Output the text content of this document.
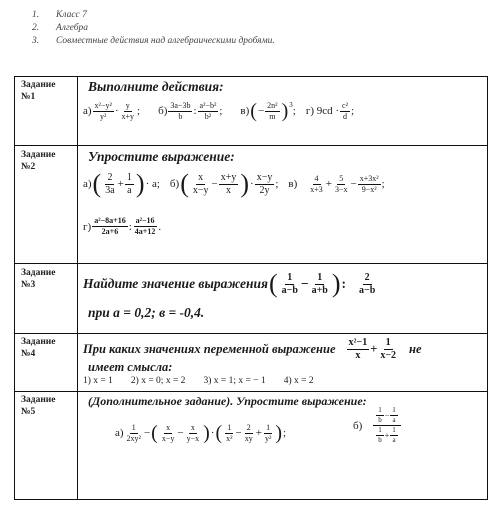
1.	Класс 7
2.	Алгебра
3.	Совместные действия над алгебраическими дробями.
Задание
№1
Выполните действия:
$а) \frac{\text{x²−y²}}{\text{y²}} \cdot \frac{y}{x+y}$ ; $б) \frac{3a-3b}{b}$ : $\frac{\text{a²−b²}}{\text{b²}}$ ; в) ( − $\frac{\text{2n²}}{m} )^3$ ; г) $9cd \cdot \frac{\text{c²}}{d}$ ;
Задание
№2
Упростите выражение:
а) ( $\frac{2}{3a} + \frac{1}{a}$ ) · a; б) ( $\frac{x}{x-y} - \frac{x+y}{x}$ ) · $\frac{x-y}{2y}$ ; $в) \frac{4}{x+3} + \frac{5}{3-x} - \frac{\text{x+3x²}}{\text{9−x²}}$ ;
$г) \frac{\text{a²−8a+16}}{2a+6}$ : $\frac{\text{a²−16}}{4a+12}$ .
Задание
№3	Найдите значение выражения ( $\frac{1}{a-b} - \frac{1}{a+b}$ ) : $\frac{2}{a-b}$
при a = 0,2; в = -0,4.
Задание
№4	При каких значениях переменной выражение $\frac{\text{x²−1}}{x} + \frac{1}{x-2}$ не
имеет смысла:
1) x = 1 2) x = 0; x = 2 3) x = 1; x = − 1 4) x = 2
Задание
№5
(Дополнительное задание). Упростите выражение:
$а) \frac{1}{\text{2xy²}}$ − ( $\frac{x}{x-y} - \frac{x}{y-x}$ ) · ( $\frac{1}{\text{x²}} - \frac{2}{xy} + \frac{1}{\text{y²}}$ ) ;
$б) \frac{\frac{1}{b} - \frac{1}{a}}{\frac{1}{b} + \frac{1}{a}}$
